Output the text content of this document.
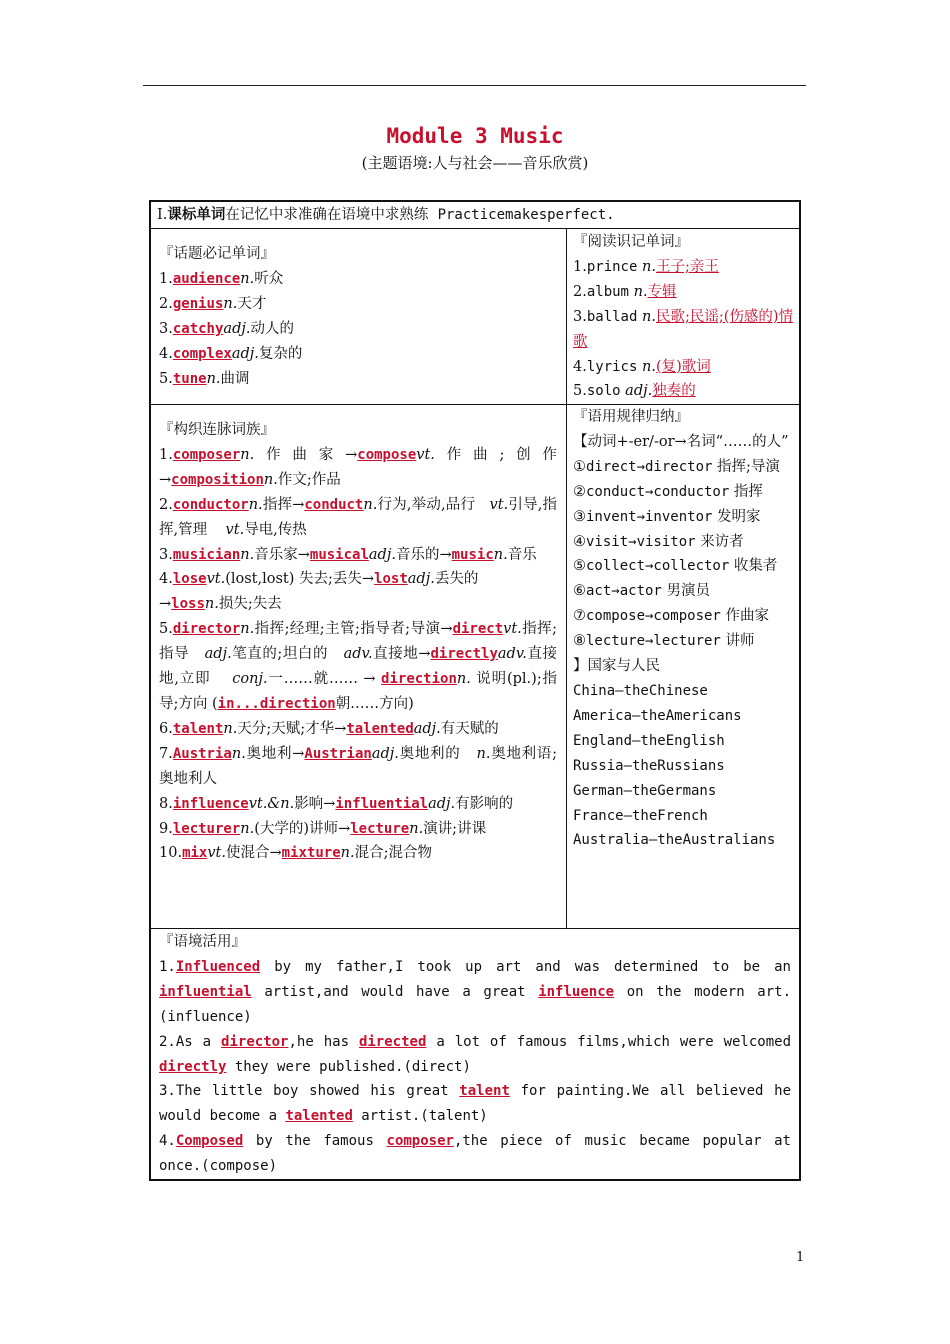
Module 3 Music
(主题语境:人与社会——音乐欣赏)
Ⅰ.课标单词在记忆中求准确在语境中求熟练 Practicemakesperfect.

『话题必记单词』

1.audiencen.听众

2.geniusn.天才

3.catchyadj.动人的

4.complexadj.复杂的

5.tunen.曲调

『阅读识记单词』

1.prince n.王子;亲王

2.album n.专辑

3.ballad n.民歌;民谣;(伤感的)情歌

4.lyrics n.(复)歌词

5.solo adj.独奏的

『构织连脉词族』

1.composern.作曲家→composevt.作曲;创作→compositionn.作文;作品

2.conductorn.指挥→conductn.行为,举动,品行 vt.引导,指挥,管理 vt.导电,传热

3.musiciann.音乐家→musicaladj.音乐的→musicn.音乐

4.losevt.(lost,lost) 失去;丢失→lostadj.丢失的
→lossn.损失;失去

5.directorn.指挥;经理;主管;指导者;导演→directvt.指挥;指导 adj.笔直的;坦白的 adv.直接地→directlyadv.直接地,立即 conj.一……就…… → directionn. 说明(pl.);指导;方向 (in...direction朝……方向)

6.talentn.天分;天赋;才华→talentedadj.有天赋的

7.Austrian.奥地利→Austrianadj.奥地利的 n.奥地利语;奥地利人

8.influencevt.&n.影响→influentialadj.有影响的

9.lecturern.(大学的)讲师→lecturen.演讲;讲课

10.mixvt.使混合→mixturen.混合;混合物

『语用规律归纳』

【动词+-er/-or→名词“……的人”

①direct→director 指挥;导演

②conduct→conductor 指挥

③invent→inventor 发明家

④visit→visitor 来访者

⑤collect→collector 收集者

⑥act→actor 男演员

⑦compose→composer 作曲家

⑧lecture→lecturer 讲师

】国家与人民

China—theChinese

America—theAmericans

England—theEnglish

Russia—theRussians

German—theGermans

France—theFrench

Australia—theAustralians

『语境活用』

1.Influenced by my father,I took up art and was determined to be an influential artist,and would have a great influence on the modern art.(influence)

2.As a director,he has directed a lot of famous films,which were welcomed directly they were published.(direct)

3.The little boy showed his great talent for painting.We all believed he would become a talented artist.(talent)

4.Composed by the famous composer,the piece of music became popular at once.(compose)

1
